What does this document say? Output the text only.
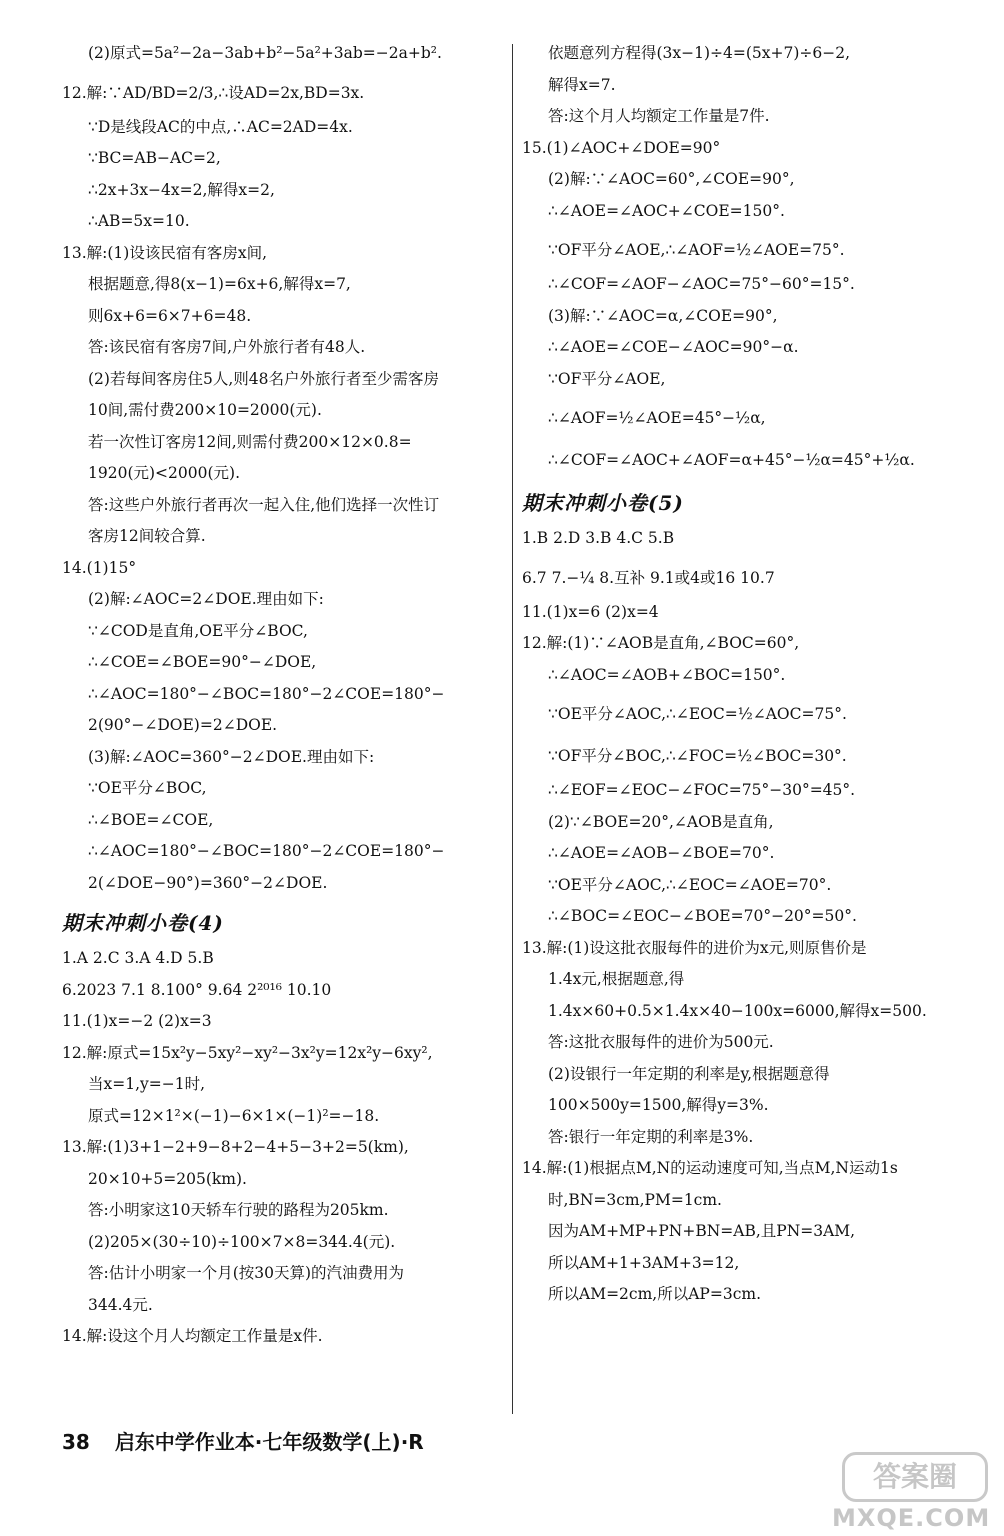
(2)原式=5a²−2a−3ab+b²−5a²+3ab=−2a+b².
12.解:∵AD/BD=2/3,∴设AD=2x,BD=3x.
∵D是线段AC的中点,∴AC=2AD=4x.
∵BC=AB−AC=2,
∴2x+3x−4x=2,解得x=2,
∴AB=5x=10.
13.解:(1)设该民宿有客房x间,
根据题意,得8(x−1)=6x+6,解得x=7,
则6x+6=6×7+6=48.
答:该民宿有客房7间,户外旅行者有48人.
(2)若每间客房住5人,则48名户外旅行者至少需客房
10间,需付费200×10=2000(元).
若一次性订客房12间,则需付费200×12×0.8=
1920(元)<2000(元).
答:这些户外旅行者再次一起入住,他们选择一次性订
客房12间较合算.
14.(1)15°
(2)解:∠AOC=2∠DOE.理由如下:
∵∠COD是直角,OE平分∠BOC,
∴∠COE=∠BOE=90°−∠DOE,
∴∠AOC=180°−∠BOC=180°−2∠COE=180°−
2(90°−∠DOE)=2∠DOE.
(3)解:∠AOC=360°−2∠DOE.理由如下:
∵OE平分∠BOC,
∴∠BOE=∠COE,
∴∠AOC=180°−∠BOC=180°−2∠COE=180°−
2(∠DOE−90°)=360°−2∠DOE.
期末冲刺小卷(4)
1.A 2.C 3.A 4.D 5.B
6.2023 7.1 8.100° 9.64 2²⁰¹⁶ 10.10
11.(1)x=−2 (2)x=3
12.解:原式=15x²y−5xy²−xy²−3x²y=12x²y−6xy²,
当x=1,y=−1时,
原式=12×1²×(−1)−6×1×(−1)²=−18.
13.解:(1)3+1−2+9−8+2−4+5−3+2=5(km),
20×10+5=205(km).
答:小明家这10天轿车行驶的路程为205km.
(2)205×(30÷10)÷100×7×8=344.4(元).
答:估计小明家一个月(按30天算)的汽油费用为
344.4元.
14.解:设这个月人均额定工作量是x件.
依题意列方程得(3x−1)÷4=(5x+7)÷6−2,
解得x=7.
答:这个月人均额定工作量是7件.
15.(1)∠AOC+∠DOE=90°
(2)解:∵∠AOC=60°,∠COE=90°,
∴∠AOE=∠AOC+∠COE=150°.
∵OF平分∠AOE,∴∠AOF=½∠AOE=75°.
∴∠COF=∠AOF−∠AOC=75°−60°=15°.
(3)解:∵∠AOC=α,∠COE=90°,
∴∠AOE=∠COE−∠AOC=90°−α.
∵OF平分∠AOE,
∴∠AOF=½∠AOE=45°−½α,
∴∠COF=∠AOC+∠AOF=α+45°−½α=45°+½α.
期末冲刺小卷(5)
1.B 2.D 3.B 4.C 5.B
6.7 7.−¼ 8.互补 9.1或4或16 10.7
11.(1)x=6 (2)x=4
12.解:(1)∵∠AOB是直角,∠BOC=60°,
∴∠AOC=∠AOB+∠BOC=150°.
∵OE平分∠AOC,∴∠EOC=½∠AOC=75°.
∵OF平分∠BOC,∴∠FOC=½∠BOC=30°.
∴∠EOF=∠EOC−∠FOC=75°−30°=45°.
(2)∵∠BOE=20°,∠AOB是直角,
∴∠AOE=∠AOB−∠BOE=70°.
∵OE平分∠AOC,∴∠EOC=∠AOE=70°.
∴∠BOC=∠EOC−∠BOE=70°−20°=50°.
13.解:(1)设这批衣服每件的进价为x元,则原售价是
1.4x元,根据题意,得
1.4x×60+0.5×1.4x×40−100x=6000,解得x=500.
答:这批衣服每件的进价为500元.
(2)设银行一年定期的利率是y,根据题意得
100×500y=1500,解得y=3%.
答:银行一年定期的利率是3%.
14.解:(1)根据点M,N的运动速度可知,当点M,N运动1s
时,BN=3cm,PM=1cm.
因为AM+MP+PN+BN=AB,且PN=3AM,
所以AM+1+3AM+3=12,
所以AM=2cm,所以AP=3cm.
38 启东中学作业本·七年级数学(上)·R
答案圈
MXQE.COM
